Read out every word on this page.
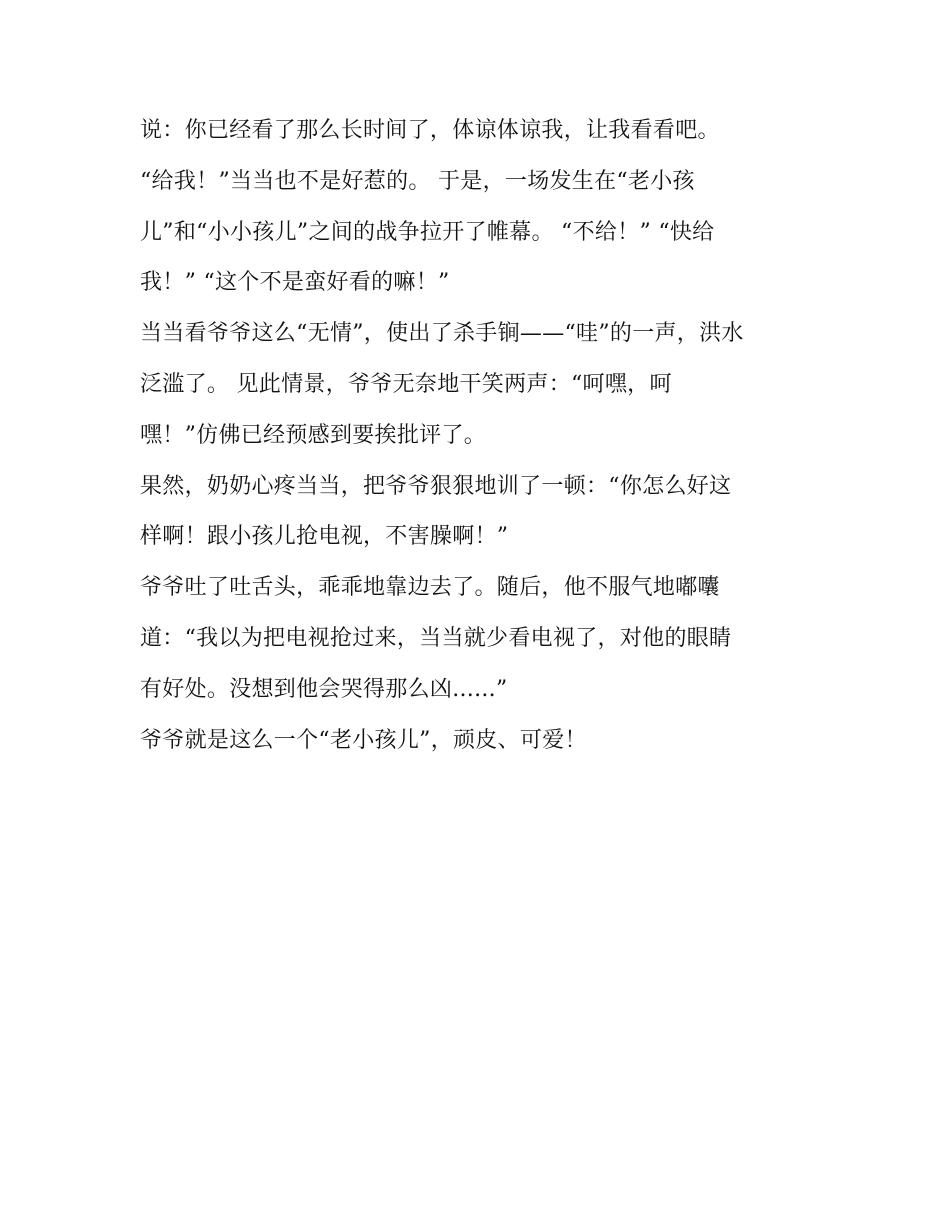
说：你已经看了那么长时间了，体谅体谅我，让我看看吧。
“给我！”当当也不是好惹的。 于是，一场发生在“老小孩
儿”和“小小孩儿”之间的战争拉开了帷幕。 “不给！” “快给
我！” “这个不是蛮好看的嘛！”
当当看爷爷这么“无情”，使出了杀手锏——“哇”的一声，洪水
泛滥了。 见此情景，爷爷无奈地干笑两声：“呵嘿，呵
嘿！”仿佛已经预感到要挨批评了。
果然，奶奶心疼当当，把爷爷狠狠地训了一顿：“你怎么好这
样啊！跟小孩儿抢电视，不害臊啊！”
爷爷吐了吐舌头，乖乖地靠边去了。随后，他不服气地嘟囔
道：“我以为把电视抢过来，当当就少看电视了，对他的眼睛
有好处。没想到他会哭得那么凶......”
爷爷就是这么一个“老小孩儿”，顽皮、可爱！
